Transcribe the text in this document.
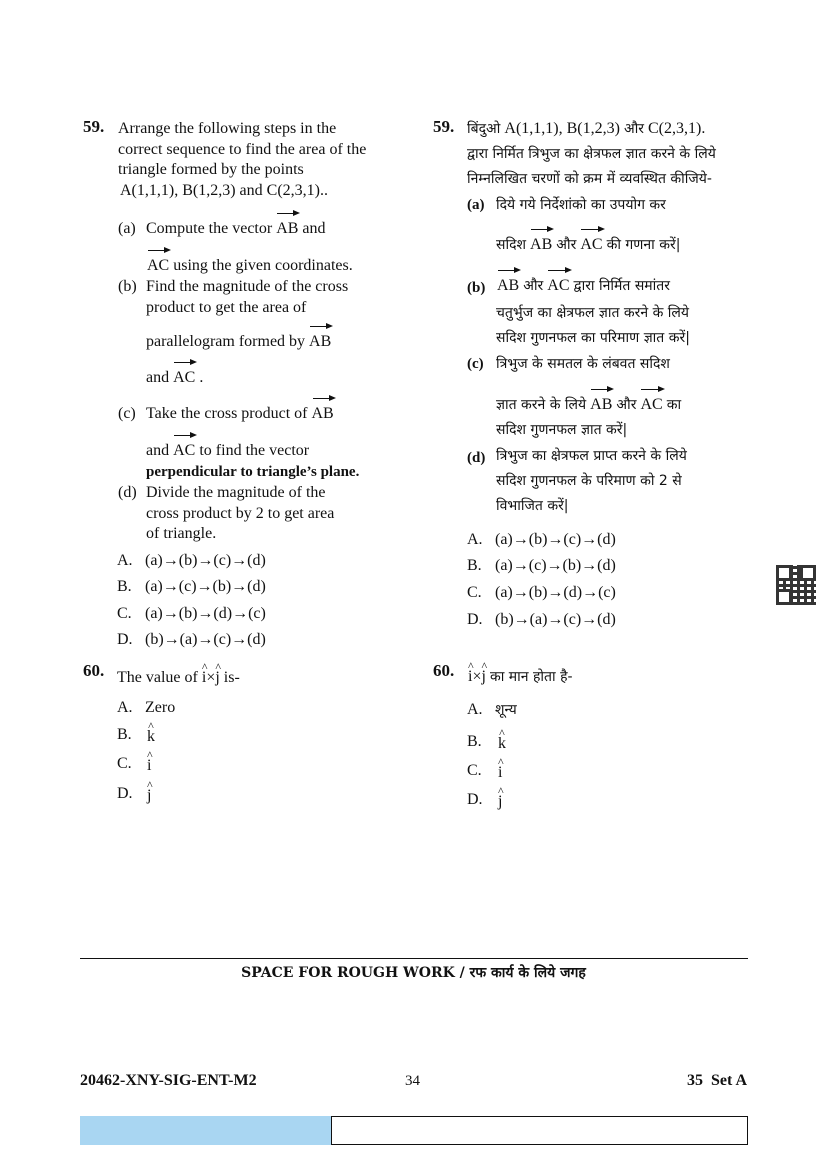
59. Arrange the following steps in the
correct sequence to find the area of the
triangle formed by the points
A(1,1,1), B(1,2,3) and C(2,3,1)..
(a) Compute the vector AB and
AC using the given coordinates.
(b) Find the magnitude of the cross
product to get the area of
parallelogram formed by AB
and AC .
(c) Take the cross product of AB
and AC to find the vector
perpendicular to triangle’s plane.
(d) Divide the magnitude of the
cross product by 2 to get area
of triangle.
A. (a)→(b)→(c)→(d)
B. (a)→(c)→(b)→(d)
C. (a)→(b)→(d)→(c)
D. (b)→(a)→(c)→(d)
60. The value of i ^×j ^ is-
A. Zero
B. k ^
C. i ^
D. j ^
59. बिंदुओ A(1,1,1), B(1,2,3) और C(2,3,1).
द्वारा निर्मित त्रिभुज का क्षेत्रफल ज्ञात करने के लिये
निम्नलिखित चरणों को क्रम में व्यवस्थित कीजिये-
(a) दिये गये निर्देशांको का उपयोग कर
सदिश AB और AC की गणना करें|
(b) AB और AC द्वारा निर्मित समांतर
चतुर्भुज का क्षेत्रफल ज्ञात करने के लिये
सदिश गुणनफल का परिमाण ज्ञात करें|
(c) त्रिभुज के समतल के लंबवत सदिश
ज्ञात करने के लिये AB और AC का
सदिश गुणनफल ज्ञात करें|
(d) त्रिभुज का क्षेत्रफल प्राप्त करने के लिये
सदिश गुणनफल के परिमाण को 2 से
विभाजित करें|
A. (a)→(b)→(c)→(d)
B. (a)→(c)→(b)→(d)
C. (a)→(b)→(d)→(c)
D. (b)→(a)→(c)→(d)
60. i ^×j ^ का मान होता है-
A. शून्य
B. k ^
C. i ^
D. j ^
SPACE FOR ROUGH WORK / रफ कार्य के लिये जगह
20462-XNY-SIG-ENT-M2	34	35  Set A
